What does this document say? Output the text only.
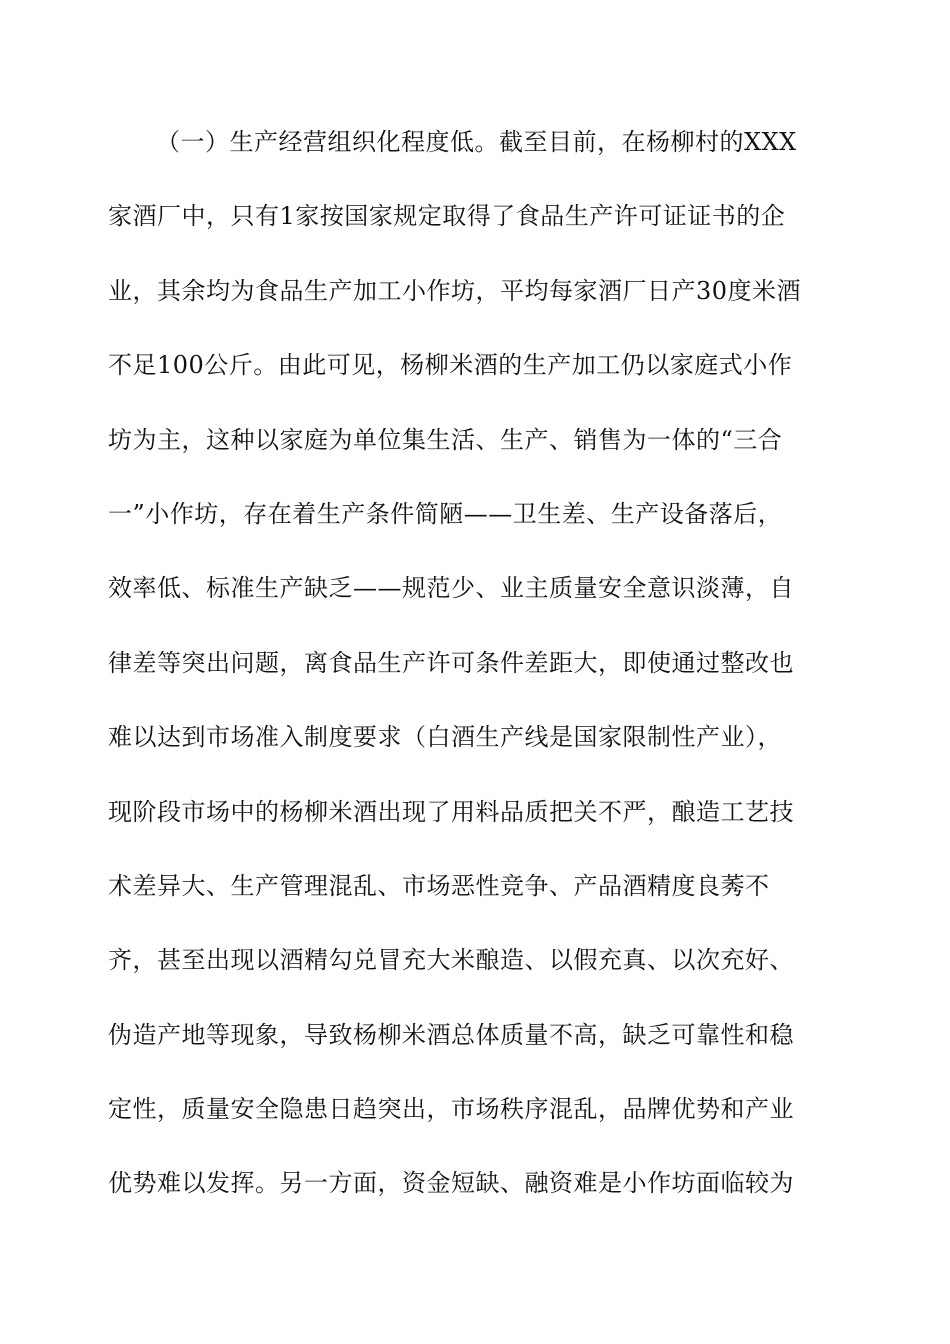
（一）生产经营组织化程度低。截至目前，在杨柳村的XXX
家酒厂中，只有1家按国家规定取得了食品生产许可证证书的企
业，其余均为食品生产加工小作坊，平均每家酒厂日产30度米酒
不足100公斤。由此可见，杨柳米酒的生产加工仍以家庭式小作
坊为主，这种以家庭为单位集生活、生产、销售为一体的“三合
一”小作坊，存在着生产条件简陋——卫生差、生产设备落后，
效率低、标准生产缺乏——规范少、业主质量安全意识淡薄，自
律差等突出问题，离食品生产许可条件差距大，即使通过整改也
难以达到市场准入制度要求（白酒生产线是国家限制性产业），
现阶段市场中的杨柳米酒出现了用料品质把关不严，酿造工艺技
术差异大、生产管理混乱、市场恶性竞争、产品酒精度良莠不
齐，甚至出现以酒精勾兑冒充大米酿造、以假充真、以次充好、
伪造产地等现象，导致杨柳米酒总体质量不高，缺乏可靠性和稳
定性，质量安全隐患日趋突出，市场秩序混乱，品牌优势和产业
优势难以发挥。另一方面，资金短缺、融资难是小作坊面临较为
